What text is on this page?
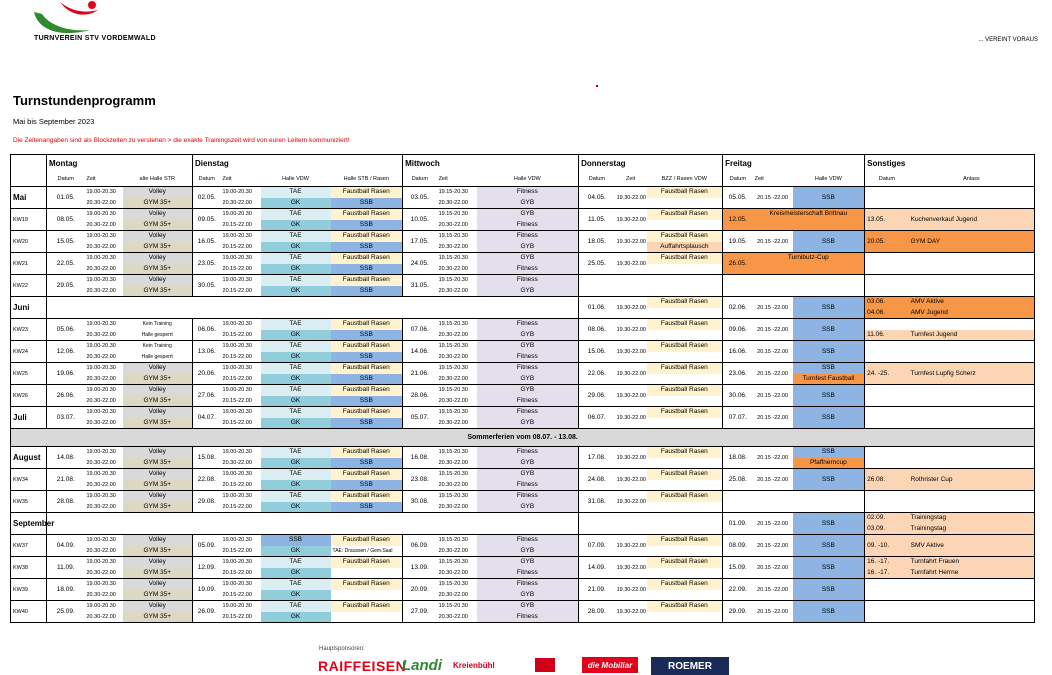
TURNVEREIN STV VORDEMWALD	... VEREINT VORAUS
Turnstundenprogramm
Mai bis September 2023
Die Zeitenangaben sind als Blockzeiten zu verstehen > die exakte Trainingszeit wird von euren Leitern kommuniziert!
	Montag			Dienstag				Mittwoch			Donnerstag			Freitag			Sonstiges	
	Datum	Zeit	alte Halle STR	Datum	Zeit	Halle VDW	Halle STB / Rasen	Datum	Zeit	Halle VDW	Datum	Zeit	BZZ / Rasen VDW	Datum	Zeit	Halle VDW	Datum	Anlass
Mai	01.05.	19.00-20.30	Volley	02.05.	19.00-20.30	TAE	Faustball Rasen	03.05.	19.15-20.30	Fitness	04.05.	19.30-22.00	Faustball Rasen	05.05.	20.15 -22.00	SSB		
		20.30-22.00	GYM 35+		20.30-22.00	GK	SSB		20.30-22.00	GYB								
KW19	08.05.	19.00-20.30	Volley	09.05.	19.00-20.30	TAE	Faustball Rasen	10.05.	19.15-20.30	GYB	11.05.	19.30-22.00	Faustball Rasen	12.05.	Kreismeisterschaft Brittnau		13.05.	Kuchenverkauf Jugend
		20.30-22.00	GYM 35+		20.15-22.00	GK	SSB		20.30-22.00	Fitness								
KW20	15.05.	19.00-20.30	Volley	16.05.	19.00-20.30	TAE	Faustball Rasen	17.05.	19.15-20.30	Fitness	18.05.	19.30-22.00	Faustball Rasen	19.05.	20.15 -22.00	SSB	20.05.	GYM DAY
		20.30-22.00	GYM 35+		20.15-22.00	GK	SSB		20.30-22.00	GYB			Auffahrtsplausch					
KW21	22.05.	19.00-20.30	Volley	23.05.	19.00-20.30	TAE	Faustball Rasen	24.05.	19.15-20.30	GYB	25.05.	19.30-22.00	Faustball Rasen	26.05.	Turnibutz-Cup			
		20.30-22.00	GYM 35+		20.15-22.00	GK	SSB		20.30-22.00	Fitness								
KW22	29.05.	19.00-20.30	Volley	30.05.	19.00-20.30	TAE	Faustball Rasen	31.05.	19.15-20.30	Fitness								
		20.30-22.00	GYM 35+		20.15-22.00	GK	SSB		20.30-22.00	GYB								
Juni											01.06.	19.30-22.00	Faustball Rasen	02.06.	20.15 -22.00	SSB	03.06.	AMV Aktive
																	04.06.	AMV Jugend
KW23	05.06.	19.00-20.30	Kein Training	06.06.	19.00-20.30	TAE	Faustball Rasen	07.06.	19.15-20.30	Fitness	08.06.	19.30-22.00	Faustball Rasen	09.06.	20.15 -22.00	SSB		
		20.30-22.00	Halle gesperrt		20.15-22.00	GK	SSB		20.30-22.00	GYB							11.06.	Turnfest Jugend
KW24	12.06.	19.00-20.30	Kein Training	13.06.	19.00-20.30	TAE	Faustball Rasen	14.06.	19.15-20.30	GYB	15.06.	19.30-22.00	Faustball Rasen	16.06.	20.15 -22.00	SSB		
		20.30-22.00	Halle gesperrt		20.15-22.00	GK	SSB		20.30-22.00	Fitness								
KW25	19.06.	19.00-20.30	Volley	20.06.	19.00-20.30	TAE	Faustball Rasen	21.06.	19.15-20.30	Fitness	22.06.	19.30-22.00	Faustball Rasen	23.06.	20.15 -22.00	SSB	24. -25.	Turnfest Lupfig Scherz
		20.30-22.00	GYM 35+		20.15-22.00	GK	SSB		20.30-22.00	GYB						Turnfest Faustball		
KW26	26.06.	19.00-20.30	Volley	27.06.	19.00-20.30	TAE	Faustball Rasen	28.06.	19.15-20.30	GYB	29.06.	19.30-22.00	Faustball Rasen	30.06.	20.15 -22.00	SSB		
		20.30-22.00	GYM 35+		20.15-22.00	GK	SSB		20.30-22.00	Fitness								
Juli	03.07.	19.00-20.30	Volley	04.07.	19.00-20.30	TAE	Faustball Rasen	05.07.	19.15-20.30	Fitness	06.07.	19.30-22.00	Faustball Rasen	07.07.	20.15 -22.00	SSB		
		20.30-22.00	GYM 35+		20.15-22.00	GK	SSB		20.30-22.00	GYB								
Sommerferien vom 08.07. - 13.08.																		
August	14.08.	19.00-20.30	Volley	15.08.	19.00-20.30	TAE	Faustball Rasen	16.08.	19.15-20.30	Fitness	17.08.	19.30-22.00	Faustball Rasen	18.08.	20.15 -22.00	SSB		
		20.30-22.00	GYM 35+		20.30-22.00	GK	SSB		20.30-22.00	GYB						Pfaffnerncup		
KW34	21.08.	19.00-20.30	Volley	22.08.	19.00-20.30	TAE	Faustball Rasen	23.08.	19.15-20.30	GYB	24.08.	19.30-22.00	Faustball Rasen	25.08.	20.15 -22.00	SSB	26.08.	Rothrister Cup
		20.30-22.00	GYM 35+		20.15-22.00	GK	SSB		20.30-22.00	Fitness								
KW35	28.08.	19.00-20.30	Volley	29.08.	19.00-20.30	TAE	Faustball Rasen	30.08.	19.15-20.30	Fitness	31.08.	19.30-22.00	Faustball Rasen					
		20.30-22.00	GYM 35+		20.15-22.00	GK	SSB		20.30-22.00	GYB								
September														01.09.	20.15 -22.00	SSB	02.09.	Trainingstag
																	03.09.	Trainingstag
KW37	04.09.	19.00-20.30	Volley	05.09.	19.00-20.30	SSB	Faustball Rasen	06.09.	19.15-20.30	Fitness	07.09.	19.30-22.00	Faustball Rasen	08.09.	20.15 -22.00	SSB	09. -10.	SMV Aktive
		20.30-22.00	GYM 35+		20.15-22.00	GK	TAE: Draussen / Gem.Saal		20.30-22.00	GYB								
KW38	11.09.	19.00-20.30	Volley	12.09.	19.00-20.30	TAE	Faustball Rasen	13.09.	19.15-20.30	GYB	14.09.	19.30-22.00	Faustball Rasen	15.09.	20.15 -22.00	SSB	16. -17.	Turnfahrt Frauen
		20.30-22.00	GYM 35+		20.15-22.00	GK			20.30-22.00	Fitness							16. -17.	Turnfahrt Herrne
KW39	18.09.	19.00-20.30	Volley	19.09.	19.00-20.30	TAE	Faustball Rasen	20.09.	19.15-20.30	Fitness	21.09.	19.30-22.00	Faustball Rasen	22.09.	20.15 -22.00	SSB		
		20.30-22.00	GYM 35+		20.15-22.00	GK			20.30-22.00	GYB								
KW40	25.09.	19.00-20.30	Volley	26.09.	19.00-20.30	TAE	Faustball Rasen	27.09.	19.15-20.30	GYB	28.09.	19.30-22.00	Faustball Rasen	29.09.	20.15 -22.00	SSB		
		20.30-22.00	GYM 35+		20.15-22.00	GK			20.30-22.00	Fitness								

Hauptsponsoren:
RAIFFEISEN
Landi Kreienbühl	die Mobiliar	ROEMER
